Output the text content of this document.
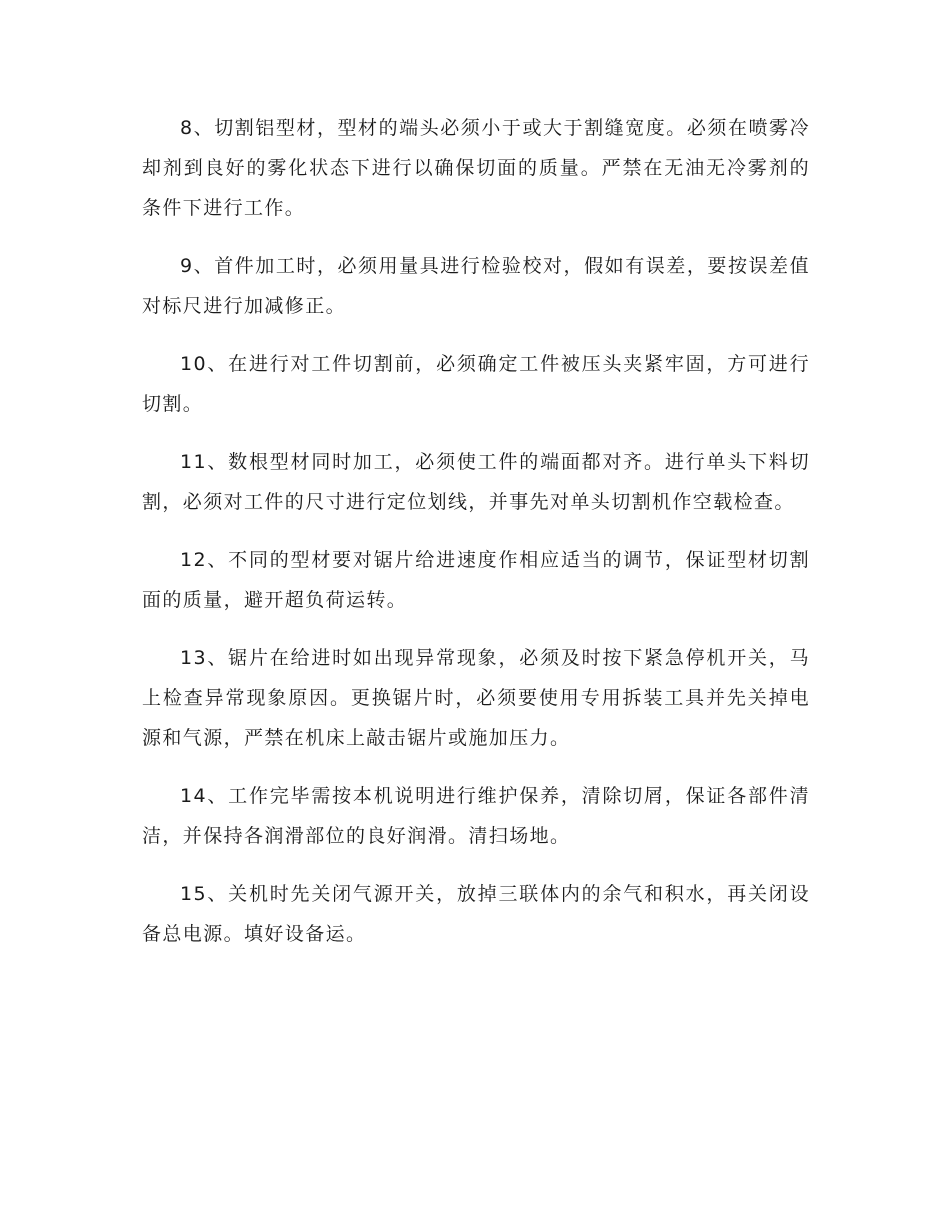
8、切割铝型材，型材的端头必须小于或大于割缝宽度。必须在喷雾冷却剂到良好的雾化状态下进行以确保切面的质量。严禁在无油无冷雾剂的条件下进行工作。

9、首件加工时，必须用量具进行检验校对，假如有误差，要按误差值对标尺进行加减修正。

10、在进行对工件切割前，必须确定工件被压头夹紧牢固，方可进行切割。

11、数根型材同时加工，必须使工件的端面都对齐。进行单头下料切割，必须对工件的尺寸进行定位划线，并事先对单头切割机作空载检查。

12、不同的型材要对锯片给进速度作相应适当的调节，保证型材切割面的质量，避开超负荷运转。

13、锯片在给进时如出现异常现象，必须及时按下紧急停机开关，马上检查异常现象原因。更换锯片时，必须要使用专用拆装工具并先关掉电源和气源，严禁在机床上敲击锯片或施加压力。

14、工作完毕需按本机说明进行维护保养，清除切屑，保证各部件清洁，并保持各润滑部位的良好润滑。清扫场地。

15、关机时先关闭气源开关，放掉三联体内的余气和积水，再关闭设备总电源。填好设备运。
